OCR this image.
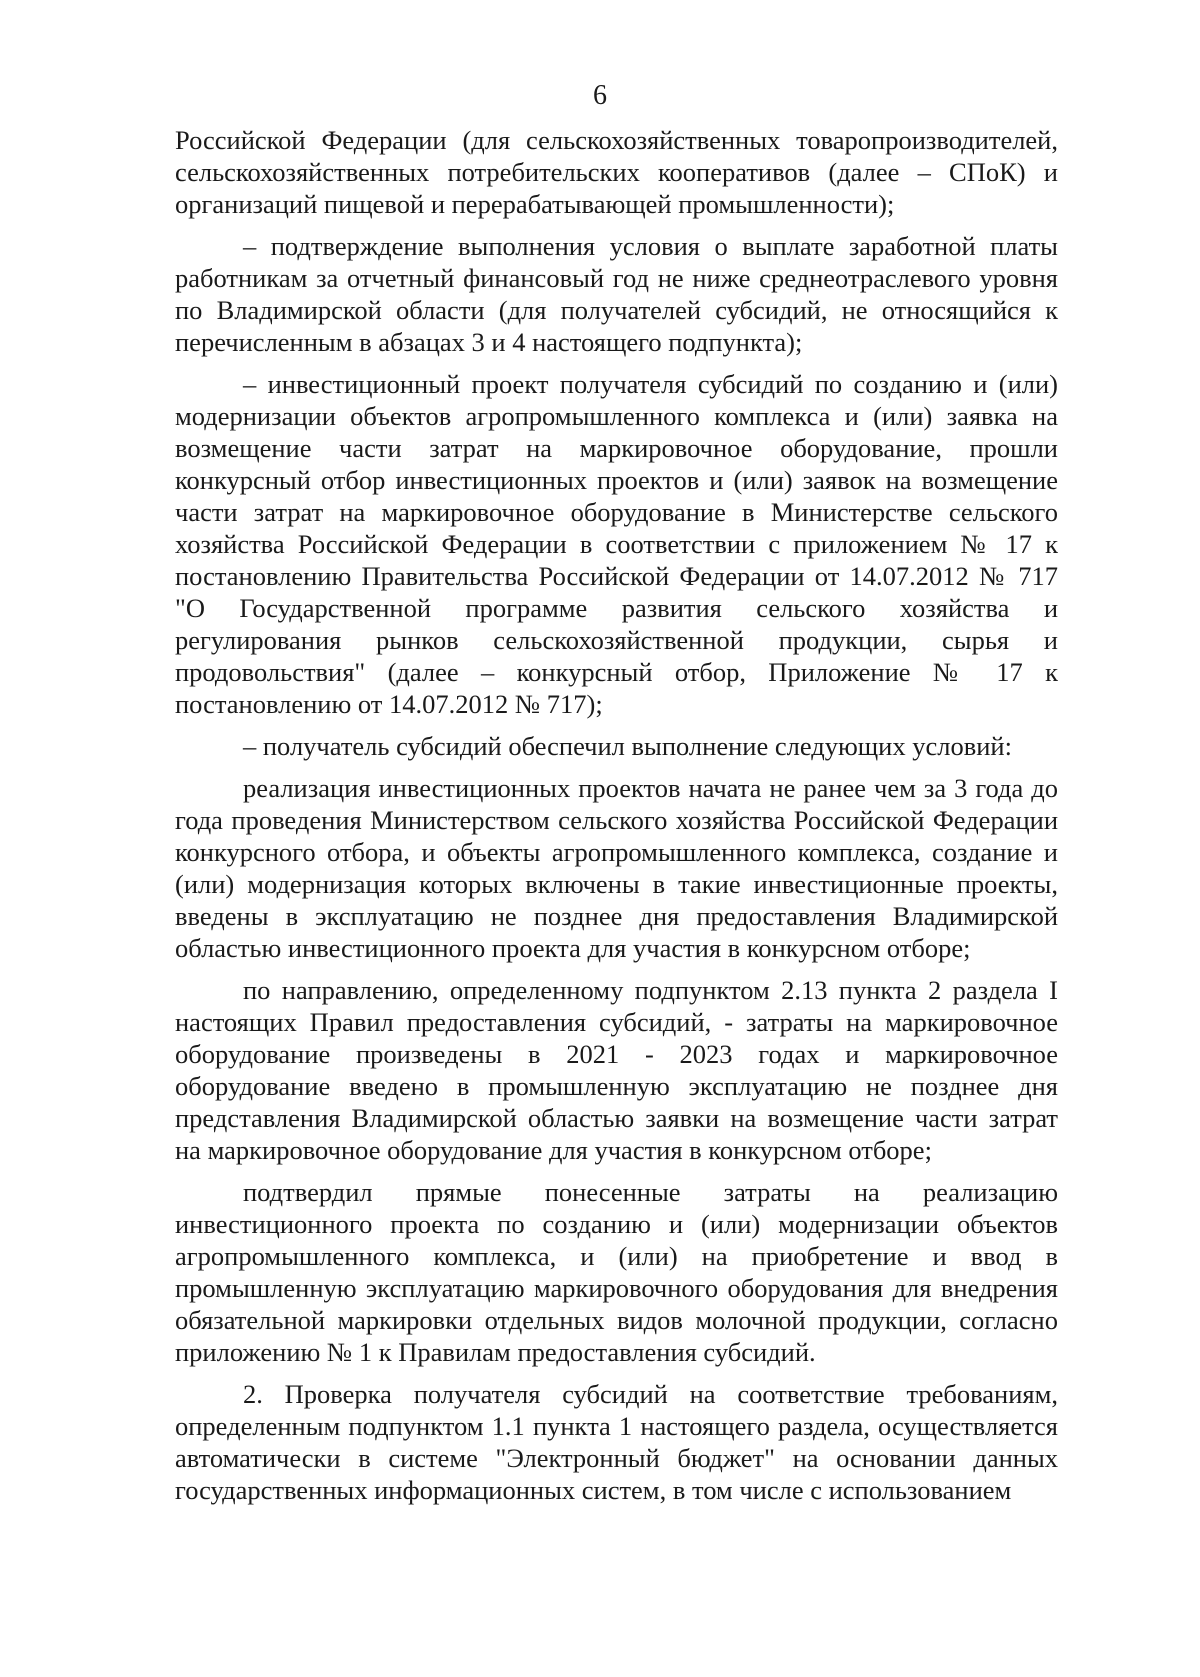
6

Российской Федерации (для сельскохозяйственных товаропроизводителей, сельскохозяйственных потребительских кооперативов (далее – СПоК) и организаций пищевой и перерабатывающей промышленности);

– подтверждение выполнения условия о выплате заработной платы работникам за отчетный финансовый год не ниже среднеотраслевого уровня по Владимирской области (для получателей субсидий, не относящийся к перечисленным в абзацах 3 и 4 настоящего подпункта);

– инвестиционный проект получателя субсидий по созданию и (или) модернизации объектов агропромышленного комплекса и (или) заявка на возмещение части затрат на маркировочное оборудование, прошли конкурсный отбор инвестиционных проектов и (или) заявок на возмещение части затрат на маркировочное оборудование в Министерстве сельского хозяйства Российской Федерации в соответствии с приложением № 17 к постановлению Правительства Российской Федерации от 14.07.2012 № 717 "О Государственной программе развития сельского хозяйства и регулирования рынков сельскохозяйственной продукции, сырья и продовольствия" (далее – конкурсный отбор, Приложение № 17 к постановлению от 14.07.2012 № 717);

– получатель субсидий обеспечил выполнение следующих условий:

реализация инвестиционных проектов начата не ранее чем за 3 года до года проведения Министерством сельского хозяйства Российской Федерации конкурсного отбора, и объекты агропромышленного комплекса, создание и (или) модернизация которых включены в такие инвестиционные проекты, введены в эксплуатацию не позднее дня предоставления Владимирской областью инвестиционного проекта для участия в конкурсном отборе;

по направлению, определенному подпунктом 2.13 пункта 2 раздела I настоящих Правил предоставления субсидий, - затраты на маркировочное оборудование произведены в 2021 - 2023 годах и маркировочное оборудование введено в промышленную эксплуатацию не позднее дня представления Владимирской областью заявки на возмещение части затрат на маркировочное оборудование для участия в конкурсном отборе;

подтвердил прямые понесенные затраты на реализацию инвестиционного проекта по созданию и (или) модернизации объектов агропромышленного комплекса, и (или) на приобретение и ввод в промышленную эксплуатацию маркировочного оборудования для внедрения обязательной маркировки отдельных видов молочной продукции, согласно приложению № 1 к Правилам предоставления субсидий.

2. Проверка получателя субсидий на соответствие требованиям, определенным подпунктом 1.1 пункта 1 настоящего раздела, осуществляется автоматически в системе "Электронный бюджет" на основании данных государственных информационных систем, в том числе с использованием
